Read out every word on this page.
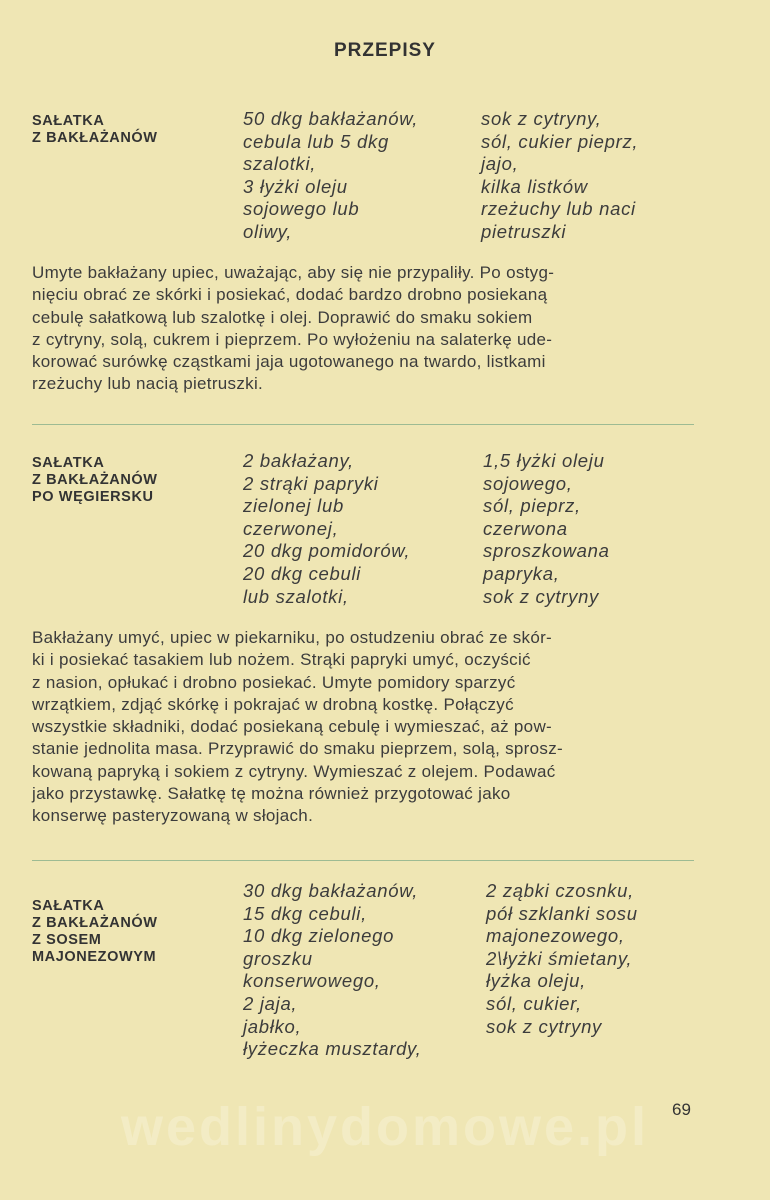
PRZEPISY
SAŁATKA
Z BAKŁAŻANÓW
50 dkg bakłażanów,
cebula lub 5 dkg
szalotki,
3 łyżki oleju
sojowego lub
oliwy,
sok z cytryny,
sól, cukier pieprz,
jajo,
kilka listków
rzeżuchy lub naci
pietruszki
Umyte bakłażany upiec, uważając, aby się nie przypaliły. Po ostyg-
nięciu obrać ze skórki i posiekać, dodać bardzo drobno posiekaną
cebulę sałatkową lub szalotkę i olej. Doprawić do smaku sokiem
z cytryny, solą, cukrem i pieprzem. Po wyłożeniu na salaterkę ude-
korować surówkę cząstkami jaja ugotowanego na twardo, listkami
rzeżuchy lub nacią pietruszki.
SAŁATKA
Z BAKŁAŻANÓW
PO WĘGIERSKU
2 bakłażany,
2 strąki papryki
zielonej lub
czerwonej,
20 dkg pomidorów,
20 dkg cebuli
lub szalotki,
1,5 łyżki oleju
sojowego,
sól, pieprz,
czerwona
sproszkowana
papryka,
sok z cytryny
Bakłażany umyć, upiec w piekarniku, po ostudzeniu obrać ze skór-
ki i posiekać tasakiem lub nożem. Strąki papryki umyć, oczyścić
z nasion, opłukać i drobno posiekać. Umyte pomidory sparzyć
wrzątkiem, zdjąć skórkę i pokrajać w drobną kostkę. Połączyć
wszystkie składniki, dodać posiekaną cebulę i wymieszać, aż pow-
stanie jednolita masa. Przyprawić do smaku pieprzem, solą, sprosz-
kowaną papryką i sokiem z cytryny. Wymieszać z olejem. Podawać
jako przystawkę. Sałatkę tę można również przygotować jako
konserwę pasteryzowaną w słojach.
SAŁATKA
Z BAKŁAŻANÓW
Z SOSEM
MAJONEZOWYM
30 dkg bakłażanów,
15 dkg cebuli,
10 dkg zielonego
groszku
konserwowego,
2 jaja,
jabłko,
łyżeczka musztardy,
2 ząbki czosnku,
pół szklanki sosu
majonezowego,
2\łyżki śmietany,
łyżka oleju,
sól, cukier,
sok z cytryny
wedlinydomowe.pl	69
